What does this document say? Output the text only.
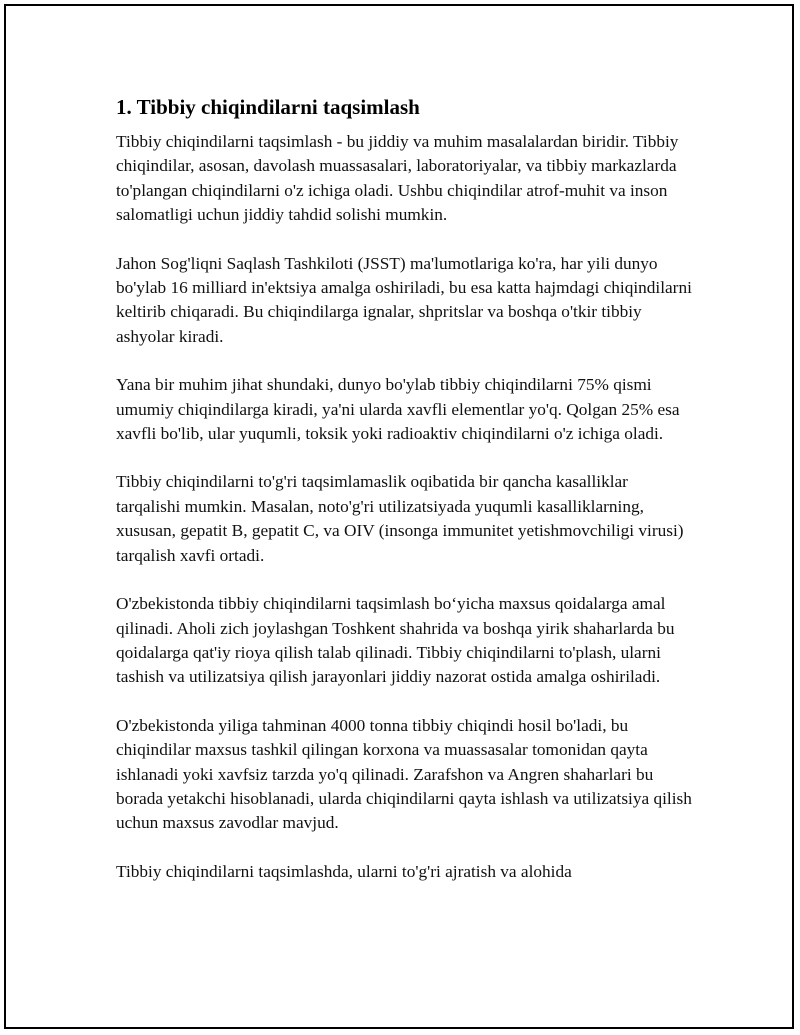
1. Tibbiy chiqindilarni taqsimlash

Tibbiy chiqindilarni taqsimlash - bu jiddiy va muhim masalalardan biridir. Tibbiy chiqindilar, asosan, davolash muassasalari, laboratoriyalar, va tibbiy markazlarda to'plangan chiqindilarni o'z ichiga oladi. Ushbu chiqindilar atrof-muhit va inson salomatligi uchun jiddiy tahdid solishi mumkin.

Jahon Sog'liqni Saqlash Tashkiloti (JSST) ma'lumotlariga ko'ra, har yili dunyo bo'ylab 16 milliard in'ektsiya amalga oshiriladi, bu esa katta hajmdagi chiqindilarni keltirib chiqaradi. Bu chiqindilarga ignalar, shpritslar va boshqa o'tkir tibbiy ashyolar kiradi.

Yana bir muhim jihat shundaki, dunyo bo'ylab tibbiy chiqindilarni 75% qismi umumiy chiqindilarga kiradi, ya'ni ularda xavfli elementlar yo'q. Qolgan 25% esa xavfli bo'lib, ular yuqumli, toksik yoki radioaktiv chiqindilarni o'z ichiga oladi.

Tibbiy chiqindilarni to'g'ri taqsimlamaslik oqibatida bir qancha kasalliklar tarqalishi mumkin. Masalan, noto'g'ri utilizatsiyada yuqumli kasalliklarning, xususan, gepatit B, gepatit C, va OIV (insonga immunitet yetishmovchiligi virusi) tarqalish xavfi ortadi.

O'zbekistonda tibbiy chiqindilarni taqsimlash bo‘yicha maxsus qoidalarga amal qilinadi. Aholi zich joylashgan Toshkent shahrida va boshqa yirik shaharlarda bu qoidalarga qat'iy rioya qilish talab qilinadi. Tibbiy chiqindilarni to'plash, ularni tashish va utilizatsiya qilish jarayonlari jiddiy nazorat ostida amalga oshiriladi.

O'zbekistonda yiliga tahminan 4000 tonna tibbiy chiqindi hosil bo'ladi, bu chiqindilar maxsus tashkil qilingan korxona va muassasalar tomonidan qayta ishlanadi yoki xavfsiz tarzda yo'q qilinadi. Zarafshon va Angren shaharlari bu borada yetakchi hisoblanadi, ularda chiqindilarni qayta ishlash va utilizatsiya qilish uchun maxsus zavodlar mavjud.

Tibbiy chiqindilarni taqsimlashda, ularni to'g'ri ajratish va alohida
